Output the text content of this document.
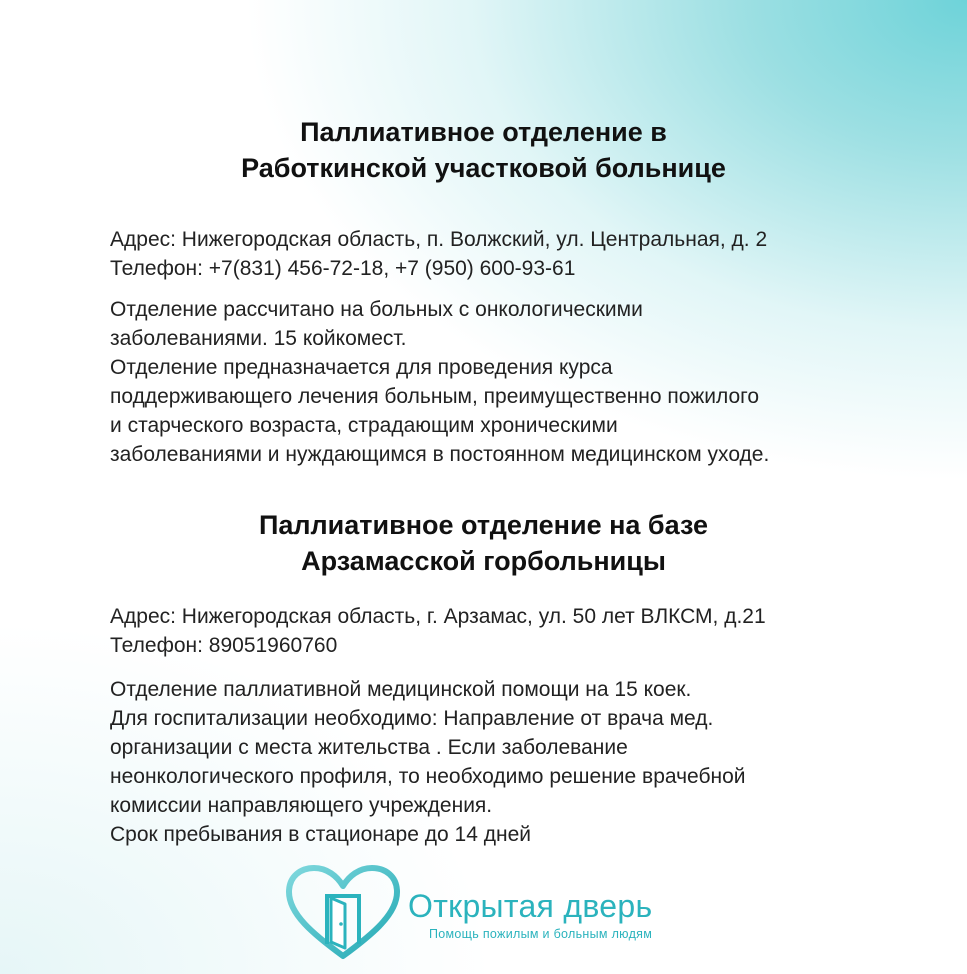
Паллиативное отделение в
Работкинской участковой больнице
Адрес: Нижегородская область, п. Волжский, ул. Центральная, д. 2
Телефон: +7(831) 456-72-18, +7 (950) 600-93-61
Отделение рассчитано на больных с онкологическими
заболеваниями. 15 койкомест.
Отделение предназначается для проведения курса
поддерживающего лечения больным, преимущественно пожилого
и старческого возраста, страдающим хроническими
заболеваниями и нуждающимся в постоянном медицинском уходе.
Паллиативное отделение на базе
Арзамасской горбольницы
Адрес: Нижегородская область, г. Арзамас, ул. 50 лет ВЛКСМ, д.21
Телефон: 89051960760
Отделение паллиативной медицинской помощи на 15 коек.
Для госпитализации необходимо: Направление от врача мед.
организации с места жительства . Если заболевание
неонкологического профиля, то необходимо решение врачебной
комиссии направляющего учреждения.
Срок пребывания в стационаре до 14 дней
Открытая дверь
Помощь пожилым и больным людям
